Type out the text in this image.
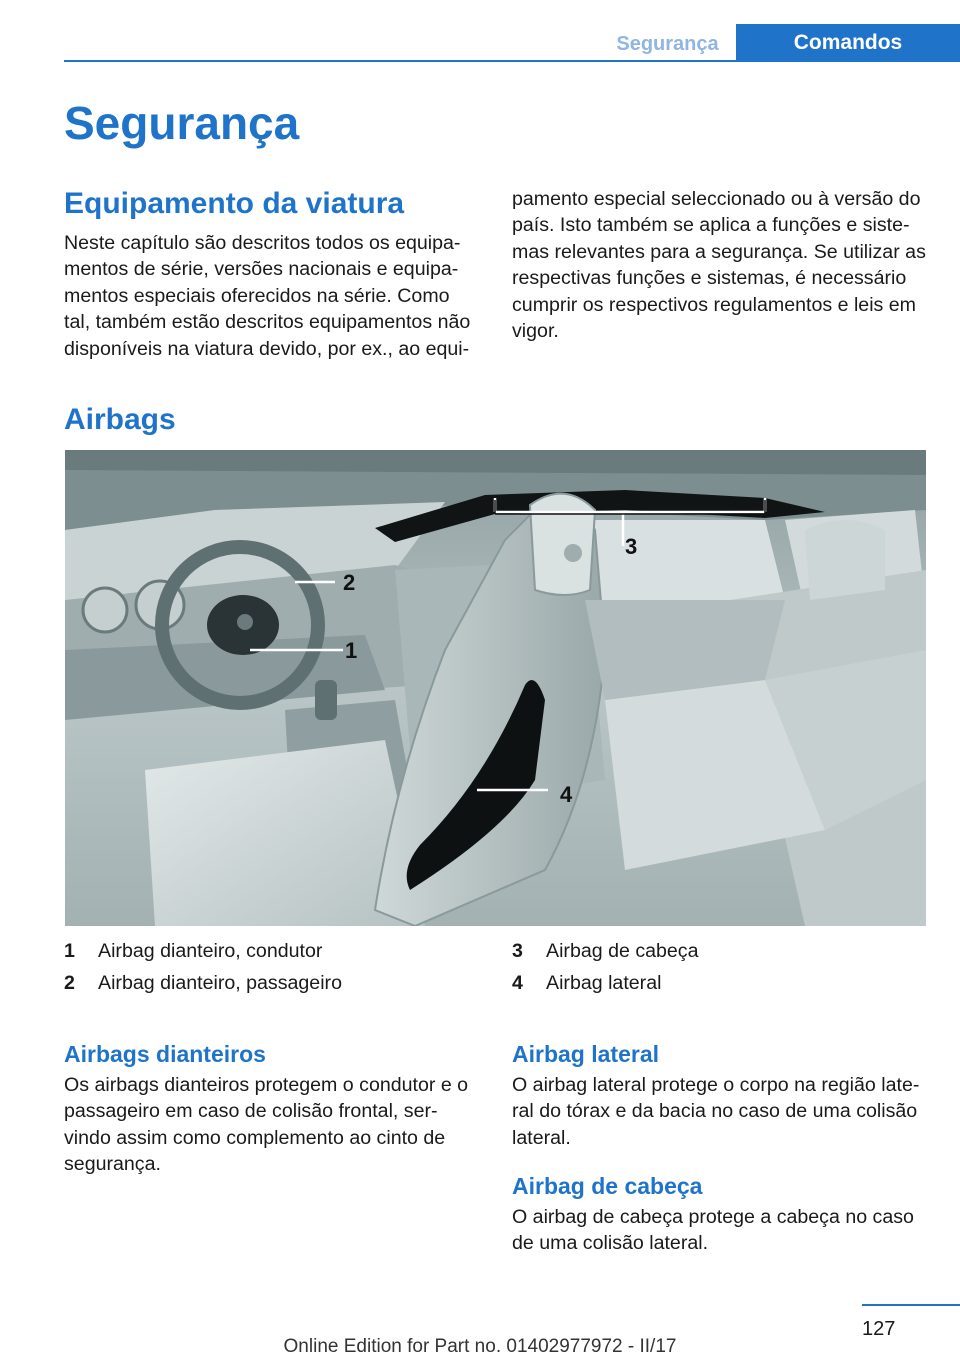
Segurança	Comandos
Segurança
Equipamento da viatura
Neste capítulo são descritos todos os equipa-
mentos de série, versões nacionais e equipa-
mentos especiais oferecidos na série. Como
tal, também estão descritos equipamentos não
disponíveis na viatura devido, por ex., ao equi-
pamento especial seleccionado ou à versão do
país. Isto também se aplica a funções e siste-
mas relevantes para a segurança. Se utilizar as
respectivas funções e sistemas, é necessário
cumprir os respectivos regulamentos e leis em
vigor.
Airbags
3
2
1
4
1 Airbag dianteiro, condutor
2 Airbag dianteiro, passageiro
3 Airbag de cabeça
4 Airbag lateral
Airbags dianteiros
Os airbags dianteiros protegem o condutor e o
passageiro em caso de colisão frontal, ser-
vindo assim como complemento ao cinto de
segurança.
Airbag lateral
O airbag lateral protege o corpo na região late-
ral do tórax e da bacia no caso de uma colisão
lateral.
Airbag de cabeça
O airbag de cabeça protege a cabeça no caso
de uma colisão lateral.
127
Online Edition for Part no. 01402977972 - II/17
